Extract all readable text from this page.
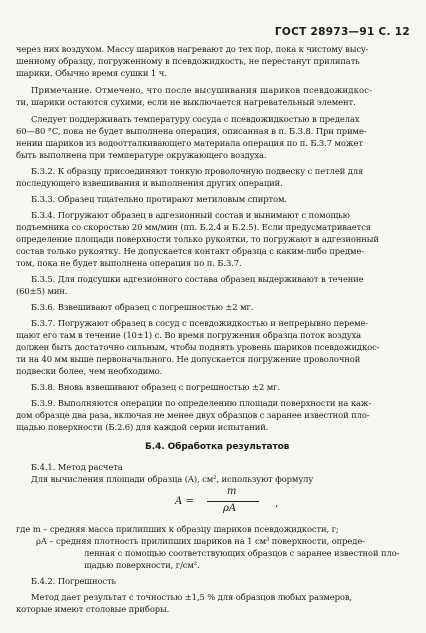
ГОСТ 28973—91 С. 12
через них воздухом. Массу шариков нагревают до тех пор, пока к чистому высу-
шенному образцу, погруженному в псевдожидкость, не перестанут прилипать
шарики. Обычно время сушки 1 ч.
Примечание. Отмечено, что после высушивания шариков псевдожидкос-
ти, шарики остаются сухими, если не выключается нагревательный элемент.
Следует поддерживать температуру сосуда с псевдожидкостью в пределах
60—80 °C, пока не будет выполнена операция, описанная в п. Б.3.8. При приме-
нении шариков из водоотталкивающего материала операция по п. Б.3.7 может
быть выполнена при температуре окружающего воздуха.
Б.3.2. К образцу присоединяют тонкую проволочную подвеску с петлей для
последующего взвешивания и выполнения других операций.
Б.3.3. Образец тщательно протирают метиловым спиртом.
Б.3.4. Погружают образец в адгезионный состав и вынимают с помощью
подъемника со скоростью 20 мм/мин (пп. Б.2.4 и Б.2.5). Если предусматривается
определение площади поверхности только рукоятки, то погружают в адгезионный
состав только рукоятку. Не допускается контакт образца с каким-либо предме-
том, пока не будет выполнена операция по п. Б.3.7.
Б.3.5. Для подсушки адгезионного состава образец выдерживают в течение
(60±5) мин.
Б.3.6. Взвешивают образец с погрешностью ±2 мг.
Б.3.7. Погружают образец в сосуд с псевдожидкостью и непрерывно переме-
щают его там в течение (10±1) с. Во время погружения образца поток воздуха
должен быть достаточно сильным, чтобы поднять уровень шариков псевдожидкос-
ти на 40 мм выше первоначального. Не допускается погружение проволочной
подвески более, чем необходимо.
Б.3.8. Вновь взвешивают образец с погрешностью ±2 мг.
Б.3.9. Выполняются операции по определению площади поверхности на каж-
дом образце два раза, включая не менее двух образцов с заранее известной пло-
щадью поверхности (Б.2.6) для каждой серии испытаний.
Б.4. Обработка результатов
Б.4.1. Метод расчета
Для вычисления площади образца (A), см², используют формулу
A =
m
ρA	,
где m – средняя масса прилипших к образцу шариков псевдожидкости, г;
ρA – средняя плотность прилипших шариков на 1 см³ поверхности, опреде-
ленная с помощью соответствующих образцов с заранее известной пло-
щадью поверхности, г/см².
Б.4.2. Погрешность
Метод дает результат с точностью ±1,5 % для образцов любых размеров,
которые имеют столовые приборы.
